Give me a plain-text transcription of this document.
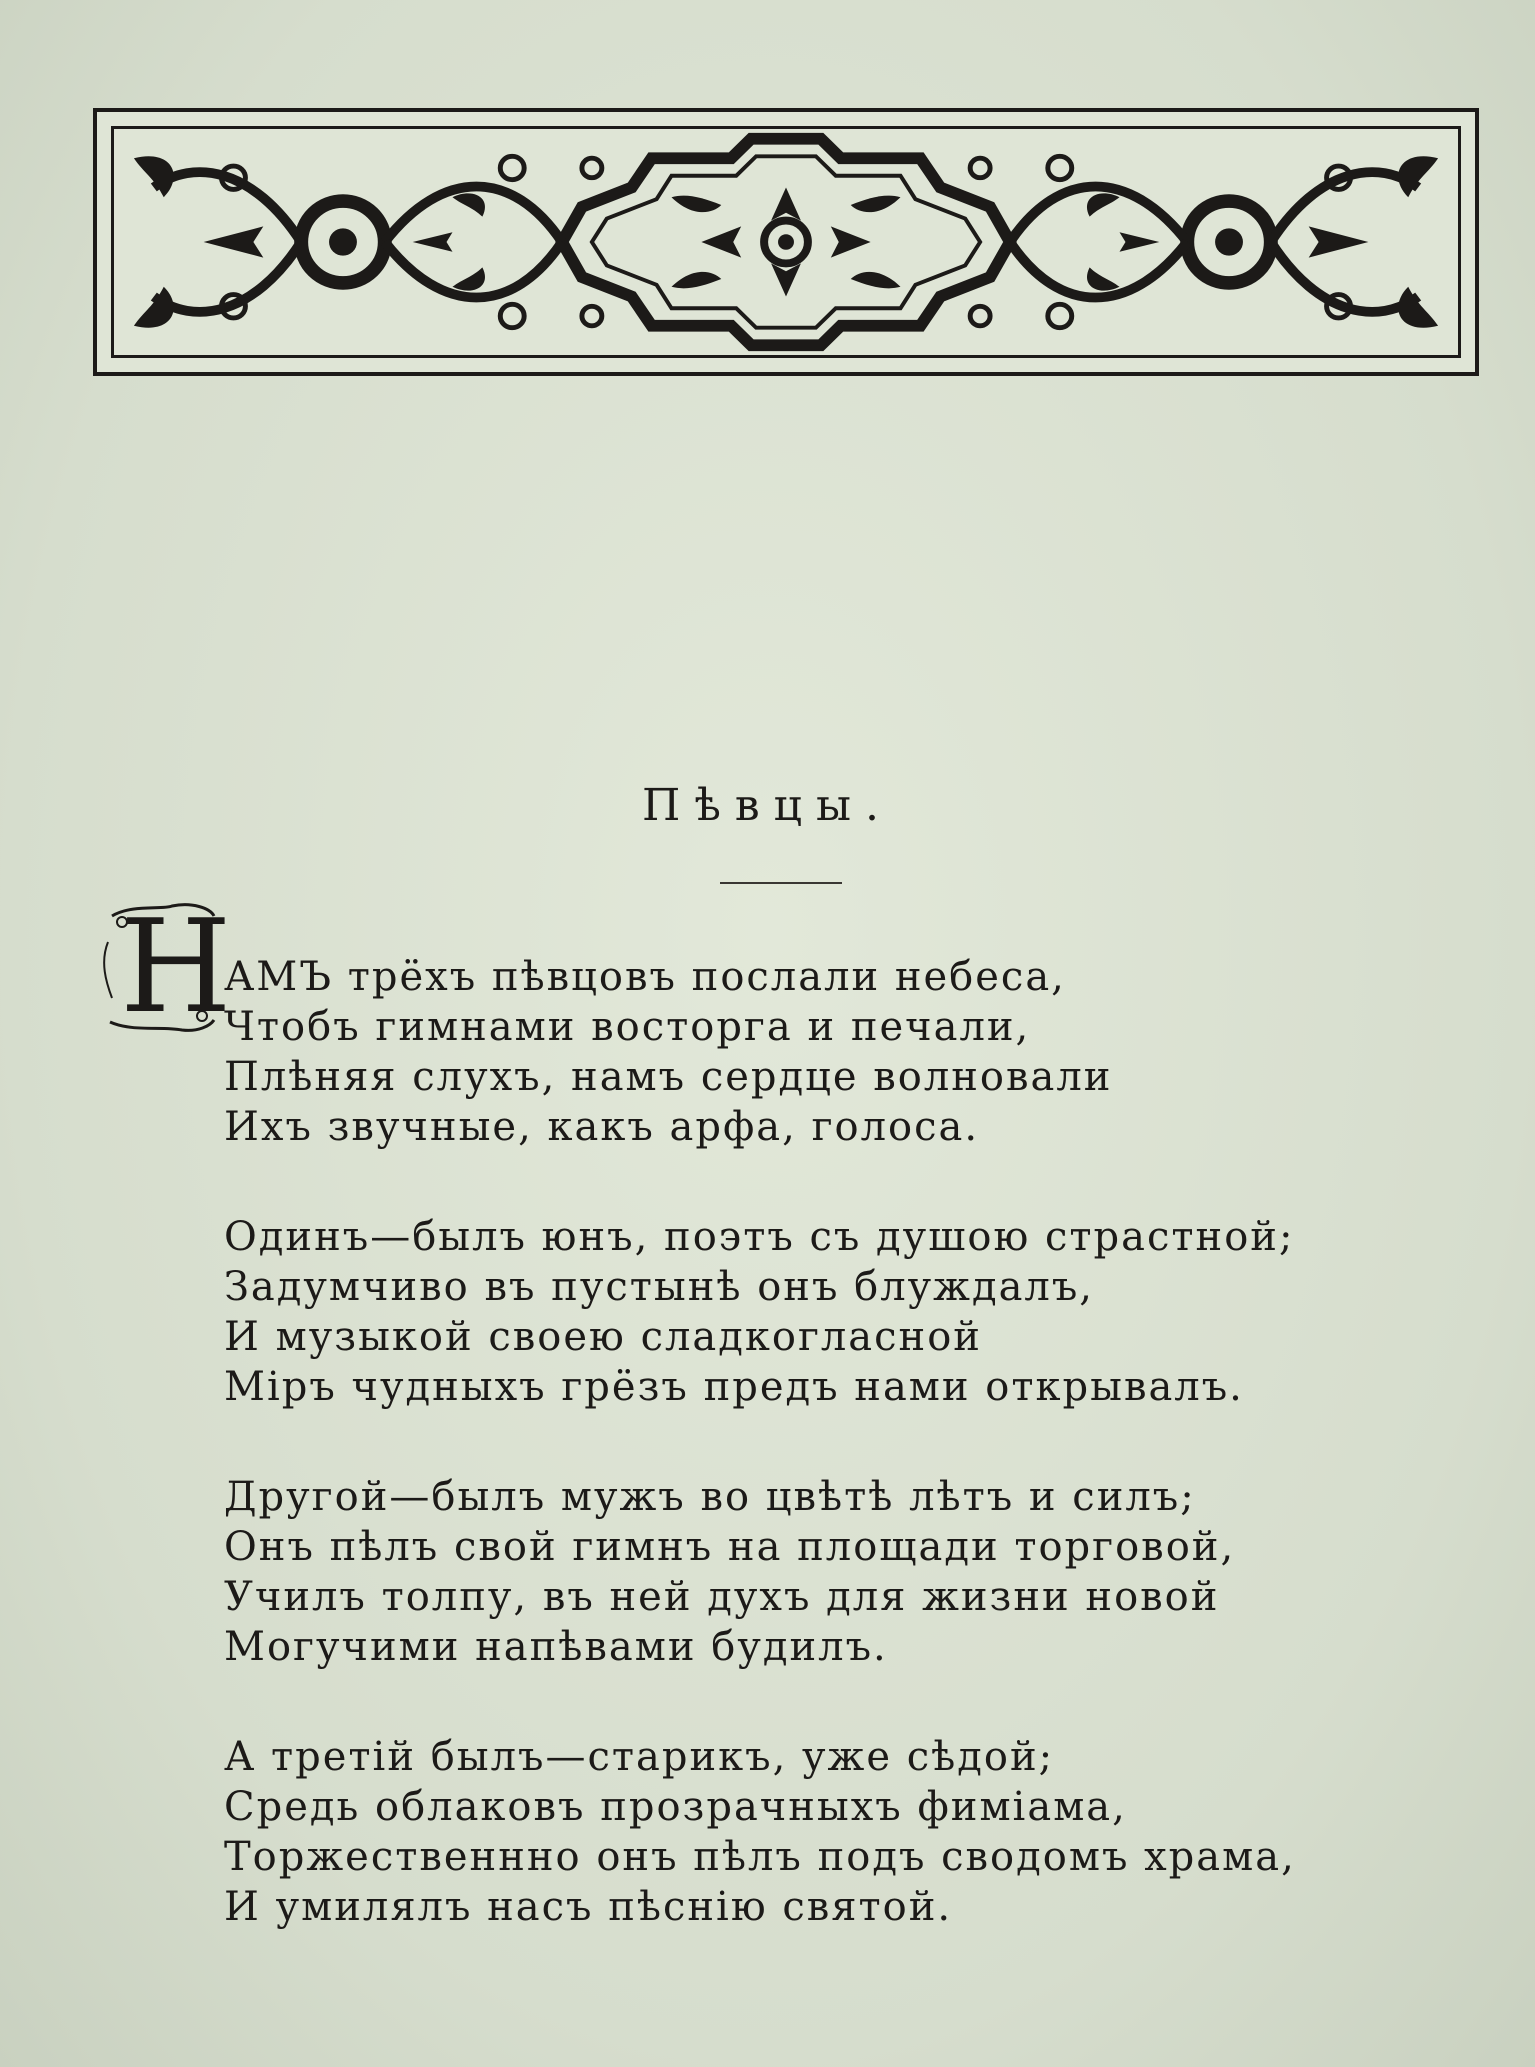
Пѣвцы.
Н
АМЪ трёхъ пѣвцовъ послали небеса,
Чтобъ гимнами восторга и печали,
Плѣняя слухъ, намъ сердце волновали
Ихъ звучные, какъ арфа, голоса.
Одинъ—былъ юнъ, поэтъ съ душою страстной;
Задумчиво въ пустынѣ онъ блуждалъ,
И музыкой своею сладкогласной
Міръ чудныхъ грёзъ предъ нами открывалъ.
Другой—былъ мужъ во цвѣтѣ лѣтъ и силъ;
Онъ пѣлъ свой гимнъ на площади торговой,
Училъ толпу, въ ней духъ для жизни новой
Могучими напѣвами будилъ.
А третій былъ—старикъ, уже сѣдой;
Средь облаковъ прозрачныхъ фиміама,
Торжественнно онъ пѣлъ подъ сводомъ храма,
И умилялъ насъ пѣснію святой.
